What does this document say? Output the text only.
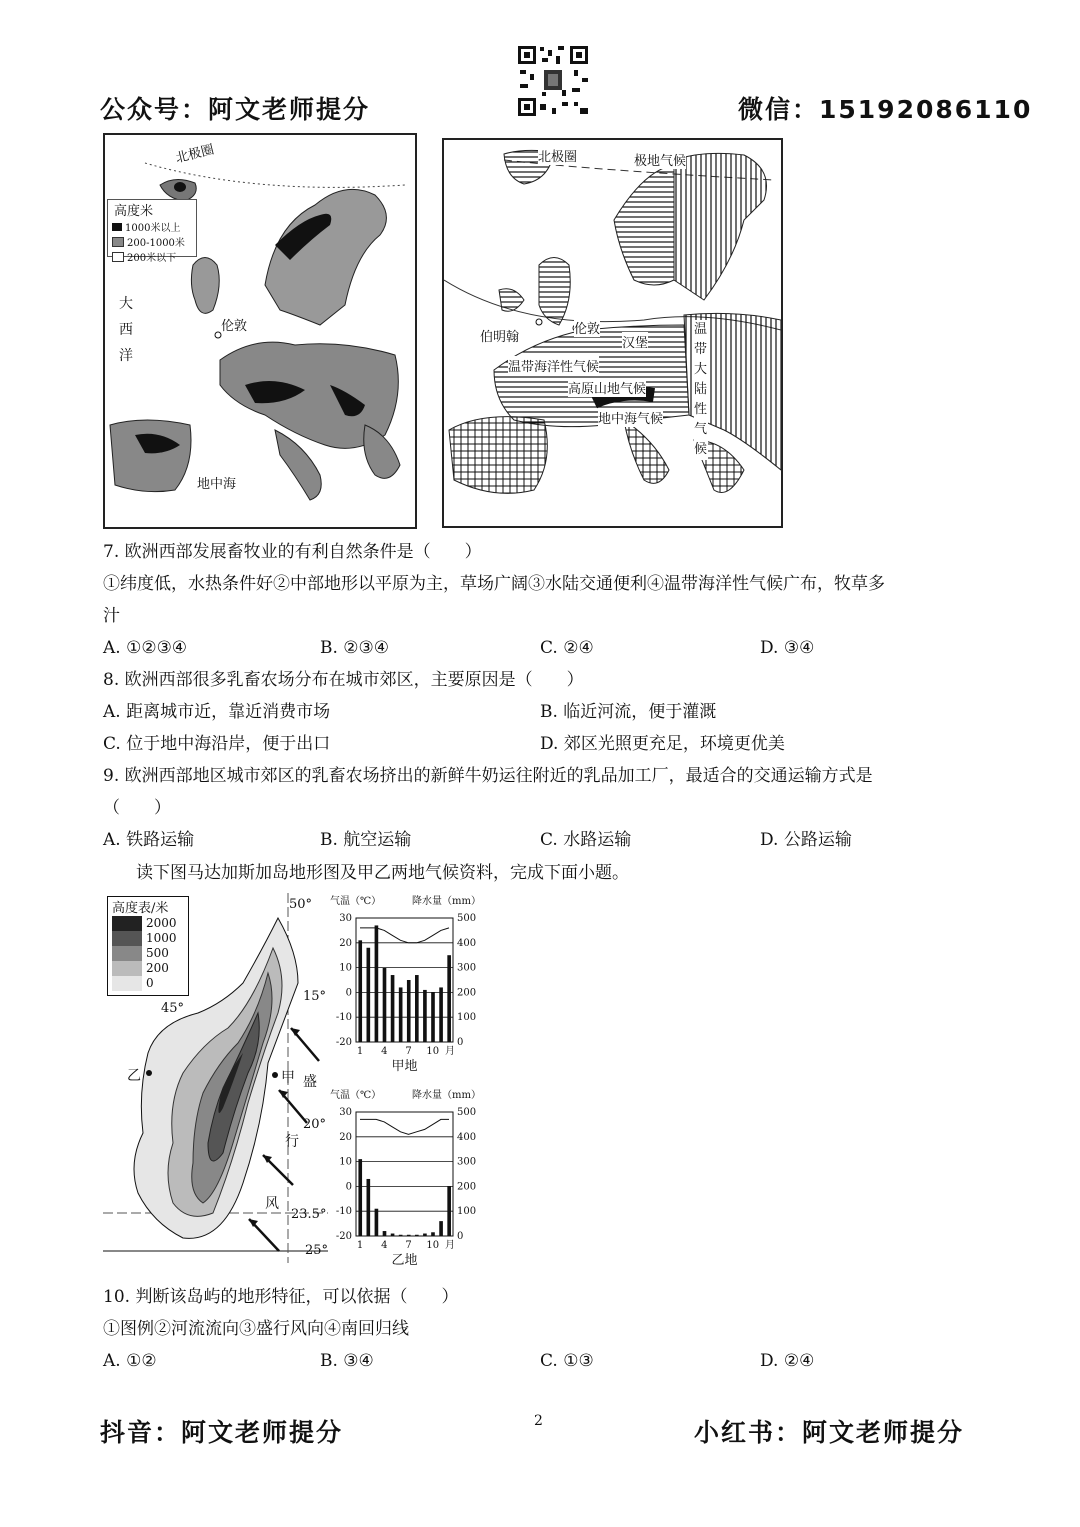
公众号：阿文老师提分	微信：15192086110
北极圈
高度米
1000米以上
200-1000米
200米以下
大
西
洋
伦敦
地中海
北极圈	极地气候
伯明翰
伦敦
汉堡
温带海洋性气候
高原山地气候
地中海气候
温
带
大
陆
性
气
候
7. 欧洲西部发展畜牧业的有利自然条件是（　　）
①纬度低，水热条件好②中部地形以平原为主，草场广阔③水陆交通便利④温带海洋性气候广布，牧草多
汁
A. ①②③④	B. ②③④	C. ②④	D. ③④
8. 欧洲西部很多乳畜农场分布在城市郊区，主要原因是（　　）
A. 距离城市近，靠近消费市场	B. 临近河流，便于灌溉
C. 位于地中海沿岸，便于出口	D. 郊区光照更充足，环境更优美
9. 欧洲西部地区城市郊区的乳畜农场挤出的新鲜牛奶运往附近的乳品加工厂，最适合的交通运输方式是
（　　）
A. 铁路运输	B. 航空运输	C. 水路运输	D. 公路运输
读下图马达加斯加岛地形图及甲乙两地气候资料，完成下面小题。
高度表/米
2000
1000
500
200
0
50°
45°
15°
20°
23.5°
25°
甲
乙	盛
行
风
气温（℃）	降水量（mm）
30
20
10
0
-10
-20
500
400
300
200
100
0
1 4 7 10 月
甲地
气温（℃）	降水量（mm）
30
20
10
0
-10
-20
500
400
300
200
100
0
1 4 7 10 月
乙地
10. 判断该岛屿的地形特征，可以依据（　　）
①图例②河流流向③盛行风向④南回归线
A. ①②	B. ③④	C. ①③	D. ②④
抖音：阿文老师提分	2	小红书：阿文老师提分
